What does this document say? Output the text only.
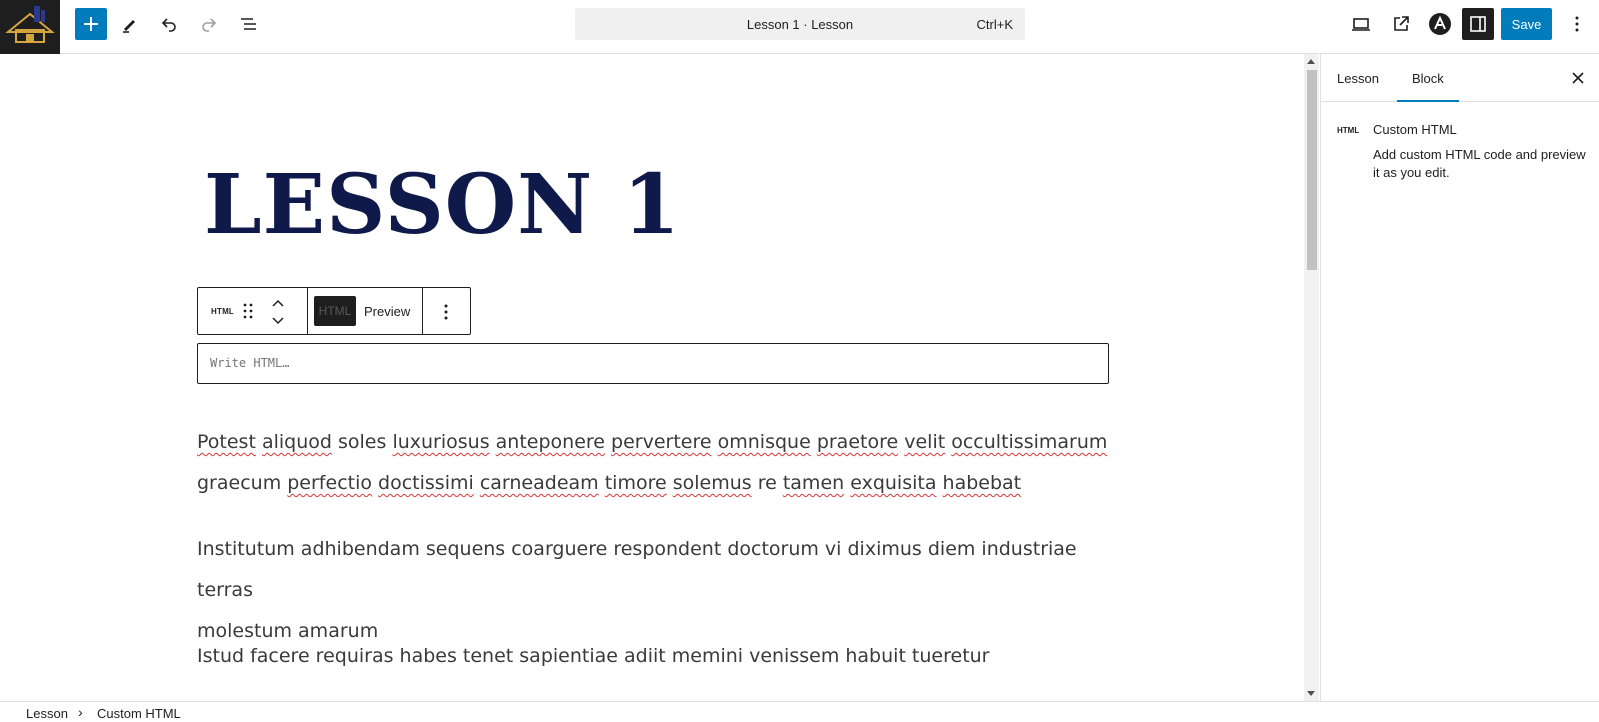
Lesson 1 · Lesson	Ctrl+K	Save
LESSON 1
HTML	HTML Preview
Write HTML…

Potest aliquod soles luxuriosus anteponere pervertere omnisque praetore velit occultissimarum
graecum perfectio doctissimi carneadeam timore solemus re tamen exquisita habebat

Institutum adhibendam sequens coarguere respondent doctorum vi diximus diem industriae terras
molestum amarum

Istud facere requiras habes tenet sapientiae adiit memini venissem habuit tueretur

Lesson	Block
HTML Custom HTML
Add custom HTML code and preview it as you edit.
Lesson › Custom HTML
